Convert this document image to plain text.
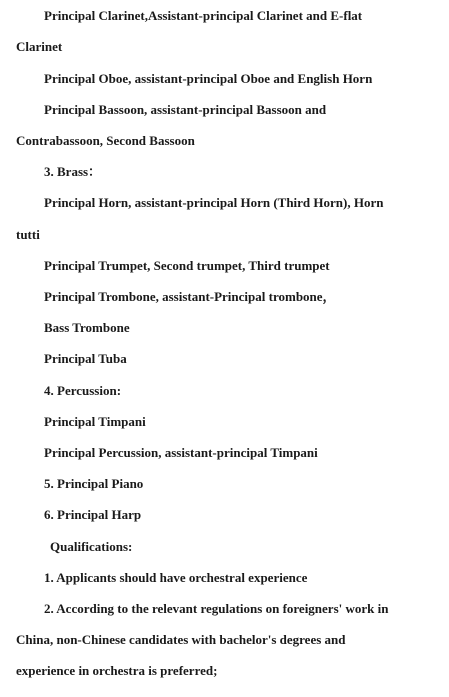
Principal Clarinet,Assistant-principal Clarinet and E-flat
Clarinet
Principal Oboe, assistant-principal Oboe and English Horn
Principal Bassoon, assistant-principal Bassoon and
Contrabassoon, Second Bassoon
3. Brass：
Principal Horn, assistant-principal Horn (Third Horn), Horn
tutti
Principal Trumpet, Second trumpet, Third trumpet
Principal Trombone, assistant-Principal trombone，
Bass Trombone
Principal Tuba
4. Percussion:
Principal Timpani
Principal Percussion, assistant-principal Timpani
5. Principal Piano
6. Principal Harp
Qualifications:
1. Applicants should have orchestral experience
2. According to the relevant regulations on foreigners' work in
China, non-Chinese candidates with bachelor's degrees and
experience in orchestra is preferred;
